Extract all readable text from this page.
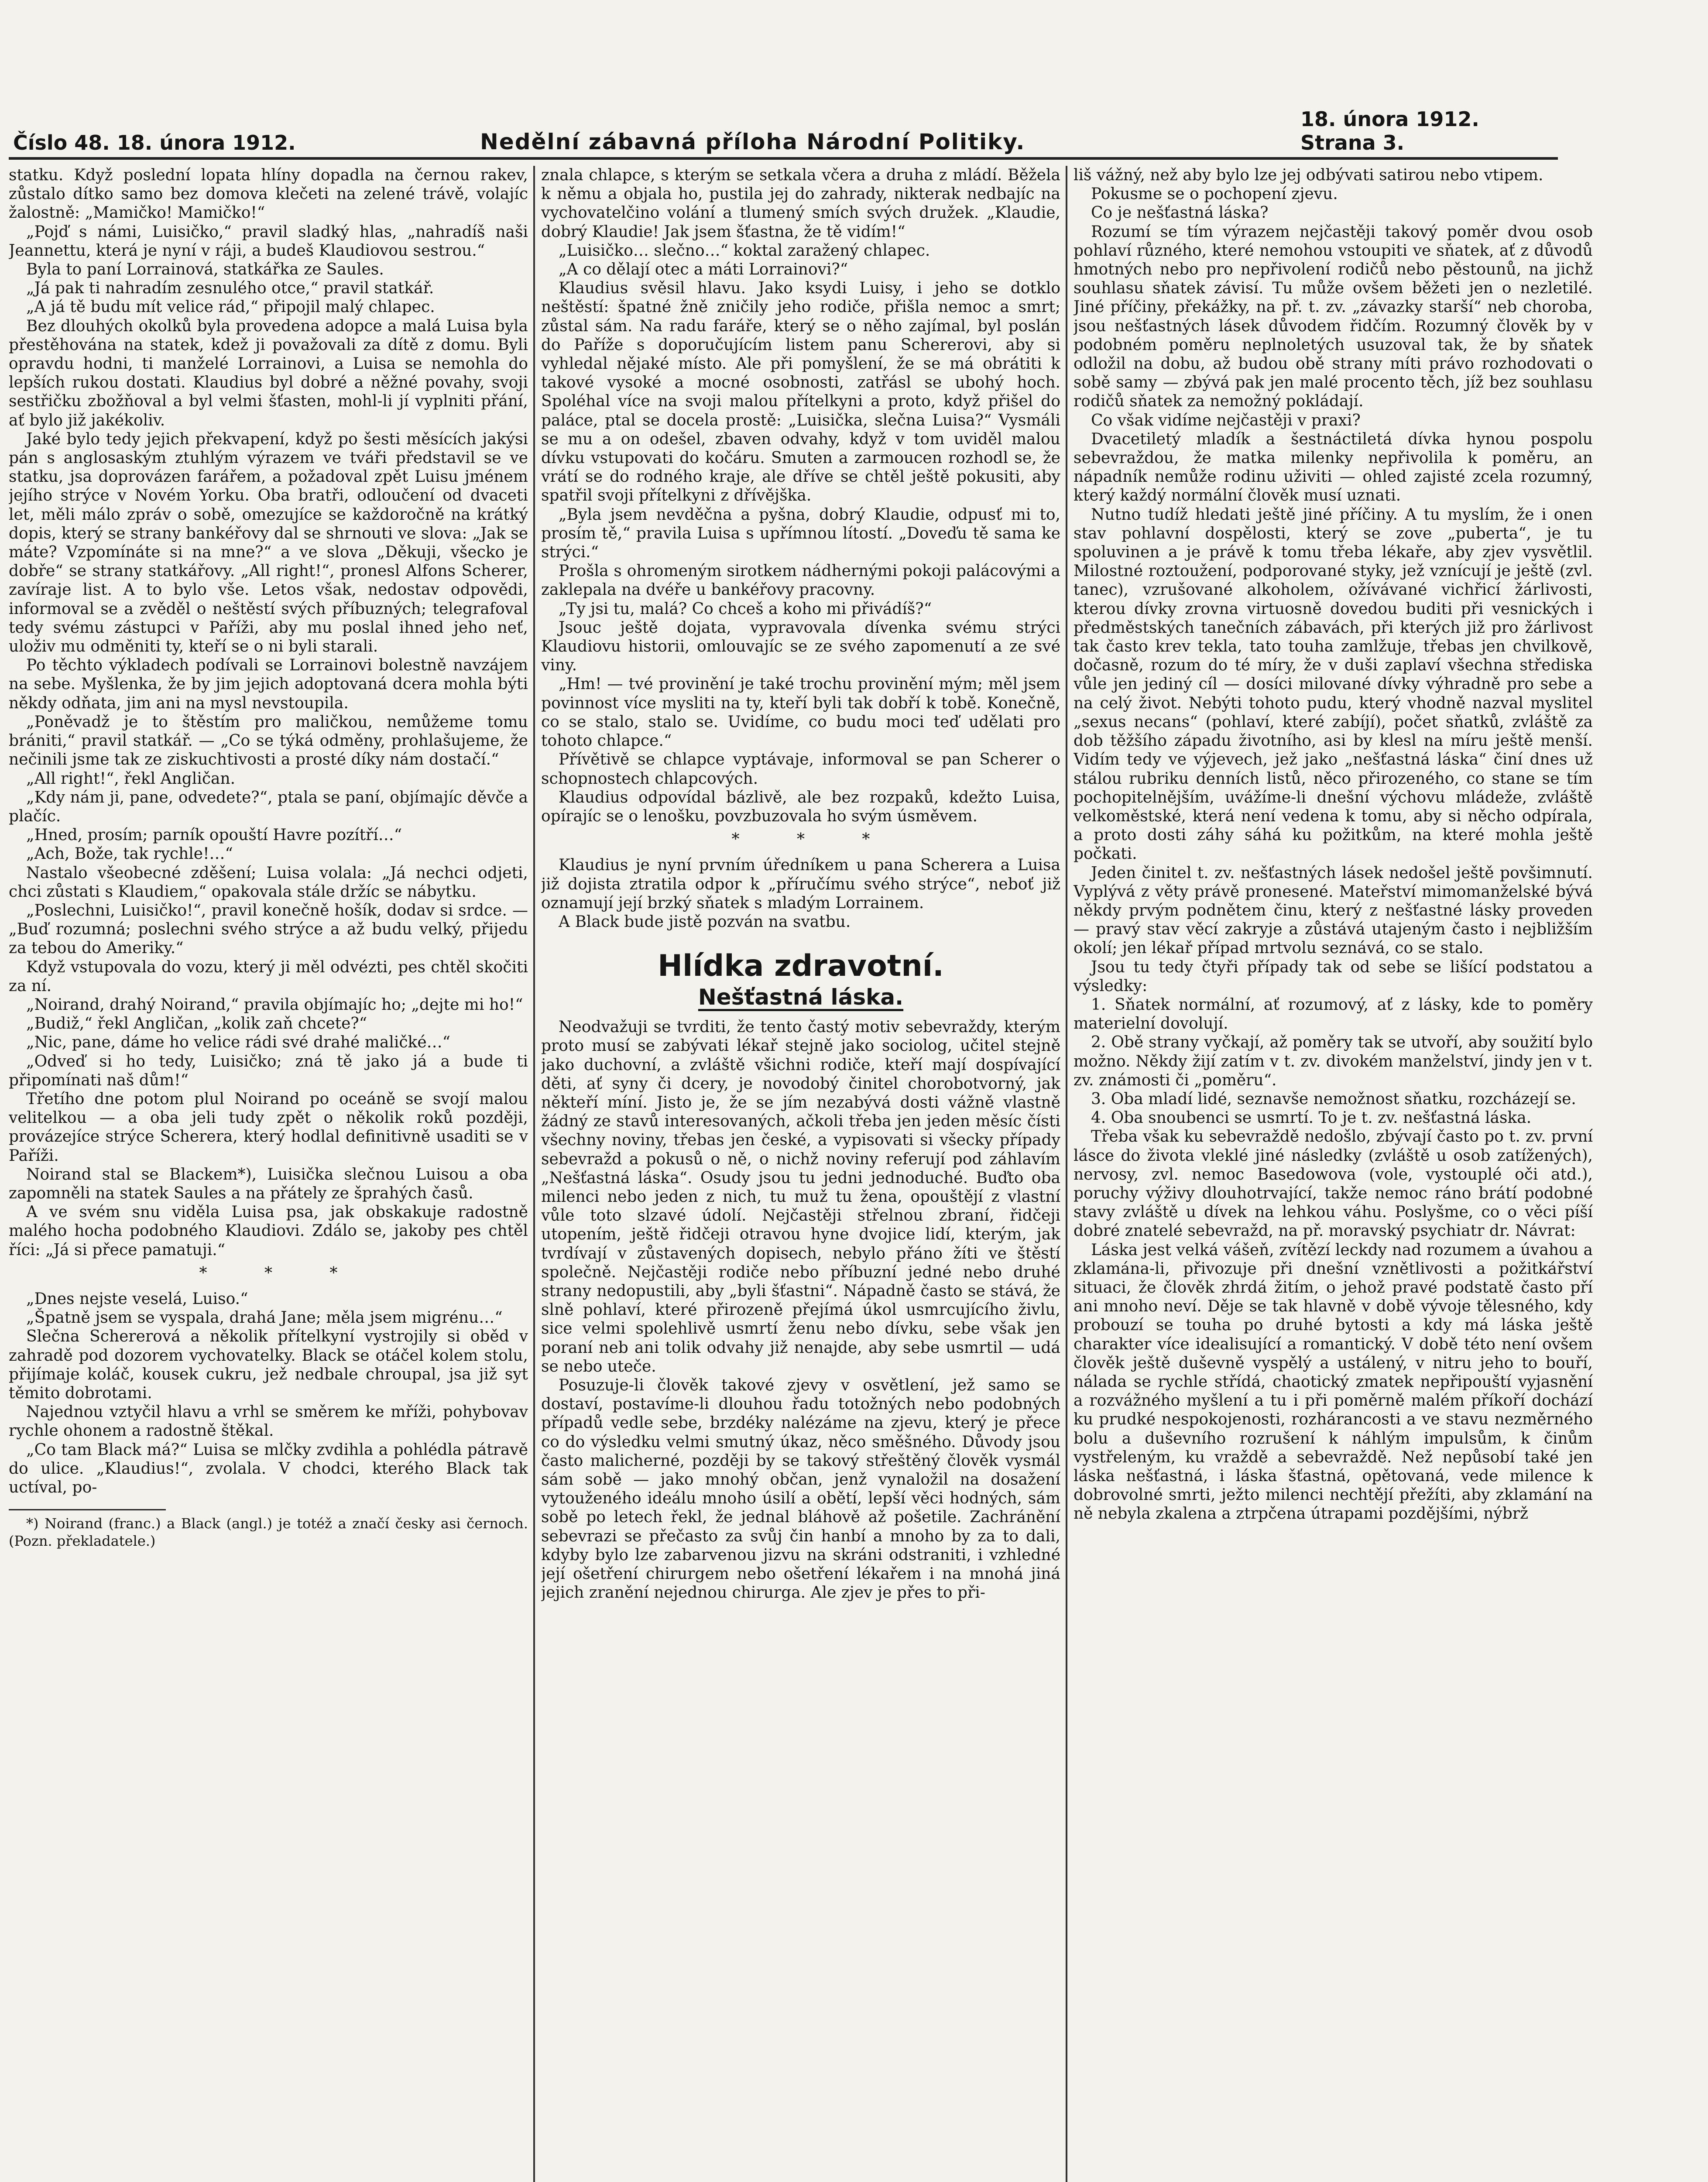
Číslo 48. 18. února 1912.	Nedělní zábavná příloha Národní Politiky.
18. února 1912. Strana 3.

statku. Když poslední lopata hlíny dopadla na černou rakev, zůstalo dítko samo bez domova klečeti na zelené trávě, volajíc žalostně: „Mamičko! Mamičko!“

„Pojď s námi, Luisičko,“ pravil sladký hlas, „nahradíš naši Jeannettu, která je nyní v ráji, a budeš Klaudiovou sestrou.“

Byla to paní Lorrainová, statkářka ze Saules.

„Já pak ti nahradím zesnulého otce,“ pravil statkář.

„A já tě budu mít velice rád,“ připojil malý chlapec.

Bez dlouhých okolků byla provedena adopce a malá Luisa byla přestěhována na statek, kdež ji považovali za dítě z domu. Byli opravdu hodni, ti manželé Lorrainovi, a Luisa se nemohla do lepších rukou dostati. Klaudius byl dobré a něžné povahy, svoji sestřičku zbožňoval a byl velmi šťasten, mohl-li jí vyplniti přání, ať bylo již jakékoliv.

Jaké bylo tedy jejich překvapení, když po šesti měsících jakýsi pán s anglosaským ztuhlým výrazem ve tváři představil se ve statku, jsa doprovázen farářem, a požadoval zpět Luisu jménem jejího strýce v Novém Yorku. Oba bratři, odloučení od dvaceti let, měli málo zpráv o sobě, omezujíce se každoročně na krátký dopis, který se strany bankéřovy dal se shrnouti ve slova: „Jak se máte? Vzpomínáte si na mne?“ a ve slova „Děkuji, všecko je dobře“ se strany statkářovy. „All right!“, pronesl Alfons Scherer, zavíraje list. A to bylo vše. Letos však, nedostav odpovědi, informoval se a zvěděl o neštěstí svých příbuzných; telegrafoval tedy svému zástupci v Paříži, aby mu poslal ihned jeho neť, uloživ mu odměniti ty, kteří se o ni byli starali.

Po těchto výkladech podívali se Lorrainovi bolestně navzájem na sebe. Myšlenka, že by jim jejich adoptovaná dcera mohla býti někdy odňata, jim ani na mysl nevstoupila.

„Poněvadž je to štěstím pro maličkou, nemůžeme tomu brániti,“ pravil statkář. — „Co se týká odměny, prohlašujeme, že nečinili jsme tak ze ziskuchtivosti a prosté díky nám dostačí.“

„All right!“, řekl Angličan.

„Kdy nám ji, pane, odvedete?“, ptala se paní, objímajíc děvče a plačíc.

„Hned, prosím; parník opouští Havre pozítří…“

„Ach, Bože, tak rychle!…“

Nastalo všeobecné zděšení; Luisa volala: „Já nechci odjeti, chci zůstati s Klaudiem,“ opakovala stále držíc se nábytku.

„Poslechni, Luisičko!“, pravil konečně hošík, dodav si srdce. — „Buď rozumná; poslechni svého strýce a až budu velký, přijedu za tebou do Ameriky.“

Když vstupovala do vozu, který ji měl odvézti, pes chtěl skočiti za ní.

„Noirand, drahý Noirand,“ pravila objímajíc ho; „dejte mi ho!“

„Budiž,“ řekl Angličan, „kolik zaň chcete?“

„Nic, pane, dáme ho velice rádi své drahé maličké…“

„Odveď si ho tedy, Luisičko; zná tě jako já a bude ti připomínati naš dům!“

Třetího dne potom plul Noirand po oceáně se svojí malou velitelkou — a oba jeli tudy zpět o několik roků později, provázejíce strýce Scherera, který hodlal definitivně usaditi se v Paříži.

Noirand stal se Blackem*), Luisička slečnou Luisou a oba zapomněli na statek Saules a na přátely ze šprahých časů.

A ve svém snu viděla Luisa psa, jak obskakuje radostně malého hocha podobného Klaudiovi. Zdálo se, jakoby pes chtěl říci: „Já si přece pamatuji.“

* * *

„Dnes nejste veselá, Luiso.“

„Špatně jsem se vyspala, drahá Jane; měla jsem migrénu…“

Slečna Schererová a několik přítelkyní vystrojily si oběd v zahradě pod dozorem vychovatelky. Black se otáčel kolem stolu, přijímaje koláč, kousek cukru, jež nedbale chroupal, jsa již syt těmito dobrotami.

Najednou vztyčil hlavu a vrhl se směrem ke mříži, pohybovav rychle ohonem a radostně štěkal.

„Co tam Black má?“ Luisa se mlčky zvdihla a pohlédla pátravě do ulice. „Klaudius!“, zvolala. V chodci, kterého Black tak uctíval, po-

*) Noirand (franc.) a Black (angl.) je totéž a značí česky asi černoch. (Pozn. překladatele.)

znala chlapce, s kterým se setkala včera a druha z mládí. Běžela k němu a objala ho, pustila jej do zahrady, nikterak nedbajíc na vychovatelčino volání a tlumený smích svých družek. „Klaudie, dobrý Klaudie! Jak jsem šťastna, že tě vidím!“

„Luisičko… slečno…“ koktal zaražený chlapec.

„A co dělají otec a máti Lorrainovi?“

Klaudius svěsil hlavu. Jako ksydi Luisy, i jeho se dotklo neštěstí: špatné žně zničily jeho rodiče, přišla nemoc a smrt; zůstal sám. Na radu faráře, který se o něho zajímal, byl poslán do Paříže s doporučujícím listem panu Schererovi, aby si vyhledal nějaké místo. Ale při pomyšlení, že se má obrátiti k takové vysoké a mocné osobnosti, zatřásl se ubohý hoch. Spoléhal více na svoji malou přítelkyni a proto, když přišel do paláce, ptal se docela prostě: „Luisička, slečna Luisa?“ Vysmáli se mu a on odešel, zbaven odvahy, když v tom uviděl malou dívku vstupovati do kočáru. Smuten a zarmoucen rozhodl se, že vrátí se do rodného kraje, ale dříve se chtěl ještě pokusiti, aby spatřil svoji přítelkyni z dřívějška.

„Byla jsem nevděčna a pyšna, dobrý Klaudie, odpusť mi to, prosím tě,“ pravila Luisa s upřímnou lítostí. „Doveďu tě sama ke strýci.“

Prošla s ohromeným sirotkem nádhernými pokoji palácovými a zaklepala na dvéře u bankéřovy pracovny.

„Ty jsi tu, malá? Co chceš a koho mi přivádíš?“

Jsouc ještě dojata, vypravovala dívenka svému strýci Klaudiovu historii, omlouvajíc se ze svého zapomenutí a ze své viny.

„Hm! — tvé provinění je také trochu provinění mým; měl jsem povinnost více mysliti na ty, kteří byli tak dobří k tobě. Konečně, co se stalo, stalo se. Uvidíme, co budu moci teď udělati pro tohoto chlapce.“

Přívětivě se chlapce vyptávaje, informoval se pan Scherer o schopnostech chlapcových.

Klaudius odpovídal bázlivě, ale bez rozpaků, kdežto Luisa, opírajíc se o lenošku, povzbuzovala ho svým úsměvem.

* * *

Klaudius je nyní prvním úředníkem u pana Scherera a Luisa již dojista ztratila odpor k „příručímu svého strýce“, neboť již oznamují její brzký sňatek s mladým Lorrainem.

A Black bude jistě pozván na svatbu.

Hlídka zdravotní.
Nešťastná láska.

Neodvažuji se tvrditi, že tento častý motiv sebevraždy, kterým proto musí se zabývati lékař stejně jako sociolog, učitel stejně jako duchovní, a zvláště všichni rodiče, kteří mají dospívající děti, ať syny či dcery, je novodobý činitel chorobotvorný, jak někteří míní. Jisto je, že se jím nezabývá dosti vážně vlastně žádný ze stavů interesovaných, ačkoli třeba jen jeden měsíc čísti všechny noviny, třebas jen české, a vypisovati si všecky případy sebevražd a pokusů o ně, o nichž noviny referují pod záhlavím „Nešťastná láska“. Osudy jsou tu jedni jednoduché. Buďto oba milenci nebo jeden z nich, tu muž tu žena, opouštějí z vlastní vůle toto slzavé údolí. Nejčastěji střelnou zbraní, řidčeji utopením, ještě řidčeji otravou hyne dvojice lidí, kterým, jak tvrdívají v zůstavených dopisech, nebylo přáno žíti ve štěstí společně. Nejčastěji rodiče nebo příbuzní jedné nebo druhé strany nedopustili, aby „byli šťastni“. Nápadně často se stává, že slně pohlaví, které přirozeně přejímá úkol usmrcujícího živlu, sice velmi spolehlivě usmrtí ženu nebo dívku, sebe však jen poraní neb ani tolik odvahy již nenajde, aby sebe usmrtil — udá se nebo uteče.

Posuzuje-li člověk takové zjevy v osvětlení, jež samo se dostaví, postavíme-li dlouhou řadu totožných nebo podobných případů vedle sebe, brzdéky nalézáme na zjevu, který je přece co do výsledku velmi smutný úkaz, něco směšného. Důvody jsou často malicherné, později by se takový střeštěný člověk vysmál sám sobě — jako mnohý občan, jenž vynaložil na dosažení vytouženého ideálu mnoho úsilí a obětí, lepší věci hodných, sám sobě po letech řekl, že jednal bláhově až pošetile. Zachránění sebevrazi se přečasto za svůj čin hanbí a mnoho by za to dali, kdyby bylo lze zabarvenou jizvu na skráni odstraniti, i vzhledné její ošetření chirurgem nebo ošetření lékařem i na mnohá jiná jejich zranění nejednou chirurga. Ale zjev je přes to při-

liš vážný, než aby bylo lze jej odbývati satirou nebo vtipem.

Pokusme se o pochopení zjevu.

Co je nešťastná láska?

Rozumí se tím výrazem nejčastěji takový poměr dvou osob pohlaví různého, které nemohou vstoupiti ve sňatek, ať z důvodů hmotných nebo pro nepřivolení rodičů nebo pěstounů, na jichž souhlasu sňatek závisí. Tu může ovšem běžeti jen o nezletilé. Jiné příčiny, překážky, na př. t. zv. „závazky starší“ neb choroba, jsou nešťastných lásek důvodem řidčím. Rozumný člověk by v podobném poměru neplnoletých usuzoval tak, že by sňatek odložil na dobu, až budou obě strany míti právo rozhodovati o sobě samy — zbývá pak jen malé procento těch, jíž bez souhlasu rodičů sňatek za nemožný pokládají.

Co však vidíme nejčastěji v praxi?

Dvacetiletý mladík a šestnáctiletá dívka hynou pospolu sebevraždou, že matka milenky nepřivolila k poměru, an nápadník nemůže rodinu uživiti — ohled zajisté zcela rozumný, který každý normální člověk musí uznati.

Nutno tudíž hledati ještě jiné příčiny. A tu myslím, že i onen stav pohlavní dospělosti, který se zove „puberta“, je tu spoluvinen a je právě k tomu třeba lékaře, aby zjev vysvětlil. Milostné roztoužení, podporované styky, jež vznícují je ještě (zvl. tanec), vzrušované alkoholem, ožívávané vichřicí žárlivosti, kterou dívky zrovna virtuosně dovedou buditi při vesnických i předměstských tanečních zábavách, při kterých již pro žárlivost tak často krev tekla, tato touha zamlžuje, třebas jen chvilkově, dočasně, rozum do té míry, že v duši zaplaví všechna střediska vůle jen jediný cíl — dosíci milované dívky výhradně pro sebe a na celý život. Nebýti tohoto pudu, který vhodně nazval myslitel „sexus necans“ (pohlaví, které zabíjí), počet sňatků, zvláště za dob těžšího západu životního, asi by klesl na míru ještě menší. Vidím tedy ve výjevech, jež jako „nešťastná láska“ činí dnes už stálou rubriku denních listů, něco přirozeného, co stane se tím pochopitelnějším, uvážíme-li dnešní výchovu mládeže, zvláště velkoměstské, která není vedena k tomu, aby si něcho odpírala, a proto dosti záhy sáhá ku požitkům, na které mohla ještě počkati.

Jeden činitel t. zv. nešťastných lásek nedošel ještě povšimnutí. Vyplývá z věty právě pronesené. Mateřství mimomanželské bývá někdy prvým podnětem činu, který z nešťastné lásky proveden — pravý stav věcí zakryje a zůstává utajeným často i nejbližším okolí; jen lékař případ mrtvolu seznává, co se stalo.

Jsou tu tedy čtyři případy tak od sebe se lišící podstatou a výsledky:

1. Sňatek normální, ať rozumový, ať z lásky, kde to poměry materielní dovolují.

2. Obě strany vyčkají, až poměry tak se utvoří, aby soužití bylo možno. Někdy žijí zatím v t. zv. divokém manželství, jindy jen v t. zv. známosti či „poměru“.

3. Oba mladí lidé, seznavše nemožnost sňatku, rozcházejí se.

4. Oba snoubenci se usmrtí. To je t. zv. nešťastná láska.

Třeba však ku sebevraždě nedošlo, zbývají často po t. zv. první lásce do života vleklé jiné následky (zvláště u osob zatížených), nervosy, zvl. nemoc Basedowova (vole, vystouplé oči atd.), poruchy výživy dlouhotrvající, takže nemoc ráno brátí podobné stavy zvláště u dívek na lehkou váhu. Poslyšme, co o věci píší dobré znatelé sebevražd, na př. moravský psychiatr dr. Návrat:

Láska jest velká vášeň, zvítězí leckdy nad rozumem a úvahou a zklamána-li, přivozuje při dnešní vznětlivosti a požitkářství situaci, že člověk zhrdá žitím, o jehož pravé podstatě často pří ani mnoho neví. Děje se tak hlavně v době vývoje tělesného, kdy probouzí se touha po druhé bytosti a kdy má láska ještě charakter více idealisující a romantický. V době této není ovšem člověk ještě duševně vyspělý a ustálený, v nitru jeho to bouří, nálada se rychle střídá, chaotický zmatek nepřipouští vyjasnění a rozvážného myšlení a tu i při poměrně malém příkoří dochází ku prudké nespokojenosti, rozhárancosti a ve stavu nezměrného bolu a duševního rozrušení k náhlým impulsům, k činům vystřeleným, ku vraždě a sebevraždě. Než nepůsobí také jen láska nešťastná, i láska šťastná, opětovaná, vede milence k dobrovolné smrti, ježto milenci nechtějí přežíti, aby zklamání na ně nebyla zkalena a ztrpčena útrapami pozdějšími, nýbrž
